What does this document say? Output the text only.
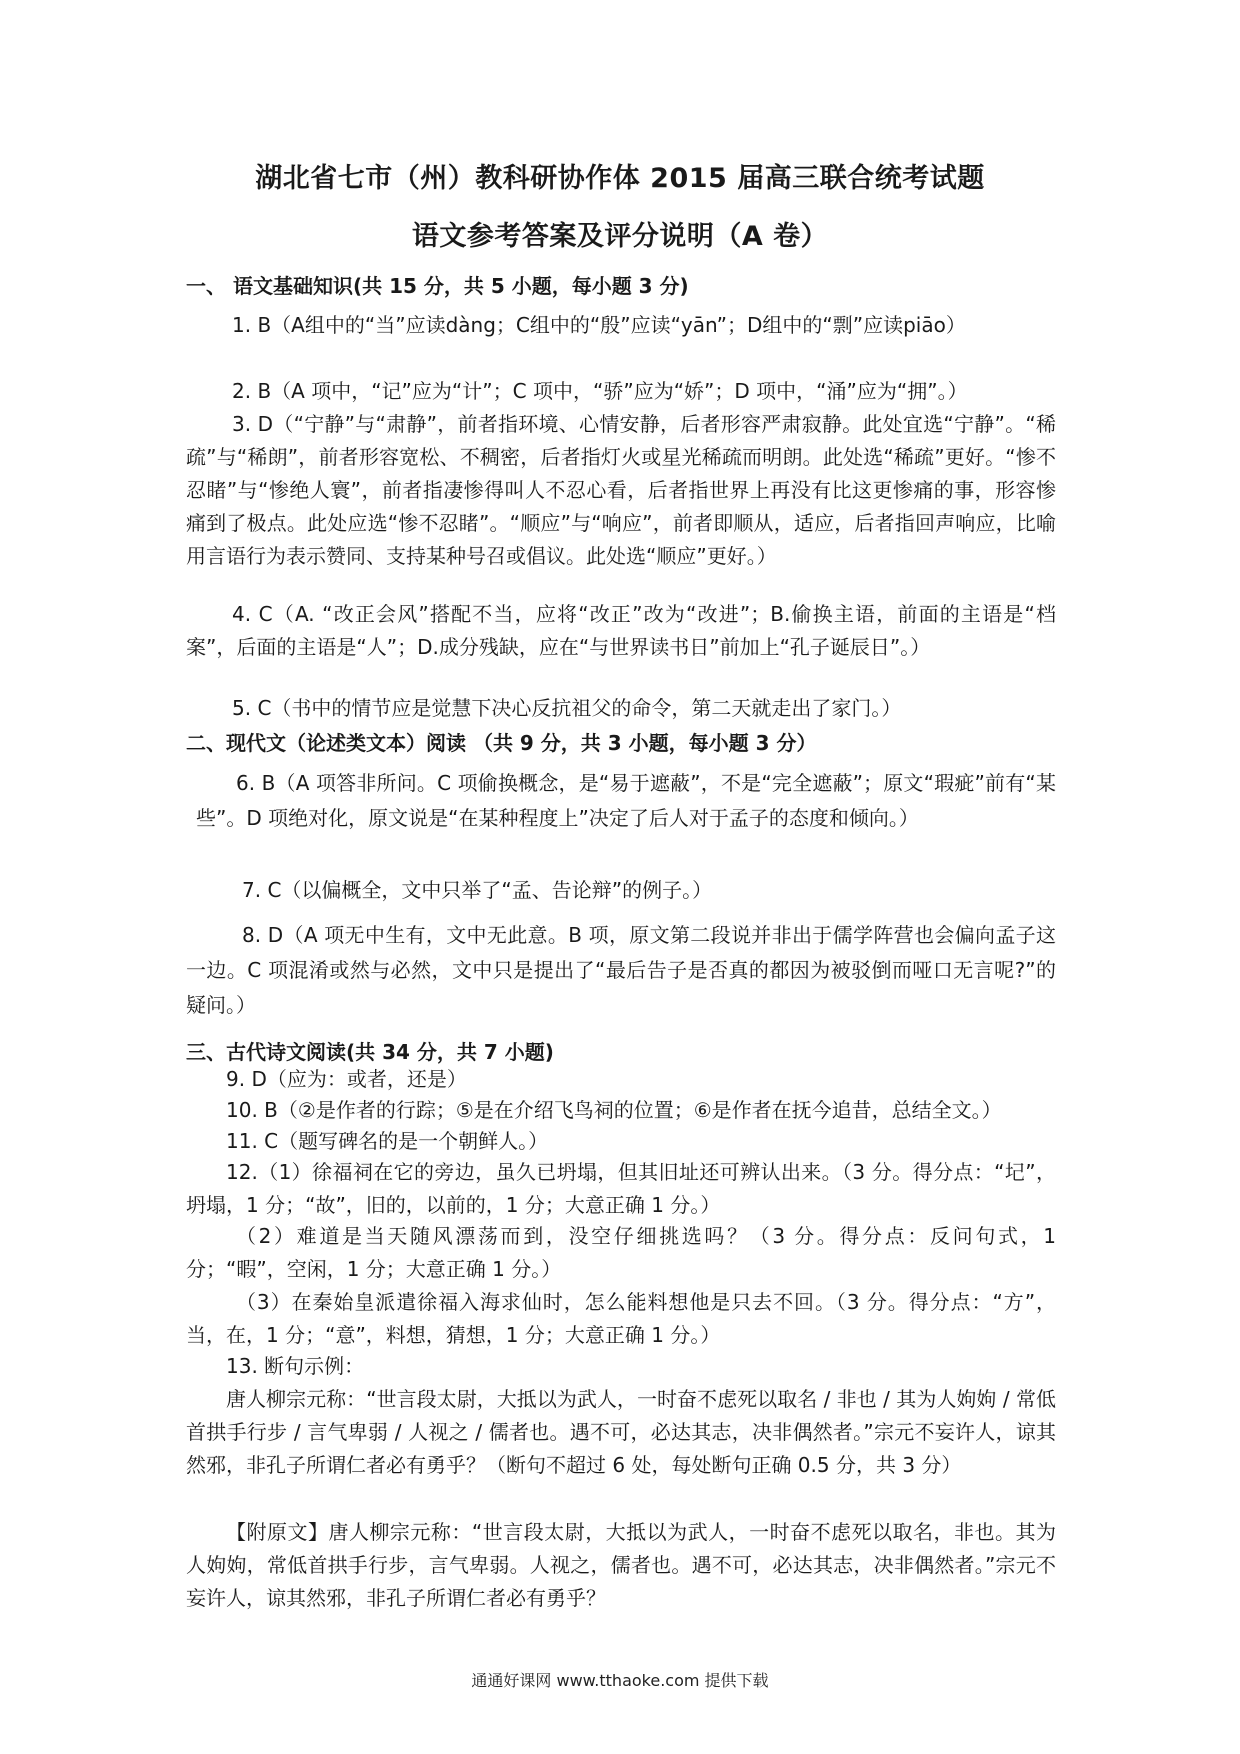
湖北省七市（州）教科研协作体 2015 届高三联合统考试题
语文参考答案及评分说明（A 卷）
一、 语文基础知识(共 15 分，共 5 小题，每小题 3 分)
1. B（A组中的“当”应读dàng；C组中的“殷”应读“yān”；D组中的“剽”应读piāo）
2. B（A 项中，“记”应为“计”；C 项中，“骄”应为“娇”；D 项中，“涌”应为“拥”。）
3. D（“宁静”与“肃静”，前者指环境、心情安静，后者形容严肃寂静。此处宜选“宁静”。“稀疏”与“稀朗”，前者形容宽松、不稠密，后者指灯火或星光稀疏而明朗。此处选“稀疏”更好。“惨不忍睹”与“惨绝人寰”，前者指凄惨得叫人不忍心看，后者指世界上再没有比这更惨痛的事，形容惨痛到了极点。此处应选“惨不忍睹”。“顺应”与“响应”，前者即顺从，适应，后者指回声响应，比喻用言语行为表示赞同、支持某种号召或倡议。此处选“顺应”更好。）
4. C（A. “改正会风”搭配不当，应将“改正”改为“改进”；B.偷换主语，前面的主语是“档案”，后面的主语是“人”；D.成分残缺，应在“与世界读书日”前加上“孔子诞辰日”。）
5. C（书中的情节应是觉慧下决心反抗祖父的命令，第二天就走出了家门。）
二、现代文（论述类文本）阅读 （共 9 分，共 3 小题，每小题 3 分）
6. B（A 项答非所问。C 项偷换概念，是“易于遮蔽”，不是“完全遮蔽”；原文“瑕疵”前有“某些”。D 项绝对化，原文说是“在某种程度上”决定了后人对于孟子的态度和倾向。）
7. C（以偏概全，文中只举了“孟、告论辩”的例子。）
8. D（A 项无中生有，文中无此意。B 项，原文第二段说并非出于儒学阵营也会偏向孟子这一边。C 项混淆或然与必然，文中只是提出了“最后告子是否真的都因为被驳倒而哑口无言呢?”的疑问。）
三、古代诗文阅读(共 34 分，共 7 小题)
9. D（应为：或者，还是）
10. B（②是作者的行踪；⑤是在介绍飞鸟祠的位置；⑥是作者在抚今追昔，总结全文。）
11. C（题写碑名的是一个朝鲜人。）
12.（1）徐福祠在它的旁边，虽久已坍塌，但其旧址还可辨认出来。（3 分。得分点：“圮”，坍塌，1 分；“故”，旧的，以前的，1 分；大意正确 1 分。）
（2）难道是当天随风漂荡而到，没空仔细挑选吗？（3 分。得分点：反问句式，1 分；“暇”，空闲，1 分；大意正确 1 分。）
（3）在秦始皇派遣徐福入海求仙时，怎么能料想他是只去不回。（3 分。得分点：“方”，当，在，1 分；“意”，料想，猜想，1 分；大意正确 1 分。）
13. 断句示例：
唐人柳宗元称：“世言段太尉，大抵以为武人，一时奋不虑死以取名 / 非也 / 其为人姁姁 / 常低首拱手行步 / 言气卑弱 / 人视之 / 儒者也。遇不可，必达其志，决非偶然者。”宗元不妄许人，谅其然邪，非孔子所谓仁者必有勇乎？（断句不超过 6 处，每处断句正确 0.5 分，共 3 分）
【附原文】唐人柳宗元称：“世言段太尉，大抵以为武人，一时奋不虑死以取名，非也。其为人姁姁，常低首拱手行步，言气卑弱。人视之，儒者也。遇不可，必达其志，决非偶然者。”宗元不妄许人，谅其然邪，非孔子所谓仁者必有勇乎？
通通好课网 www.tthaoke.com 提供下载
